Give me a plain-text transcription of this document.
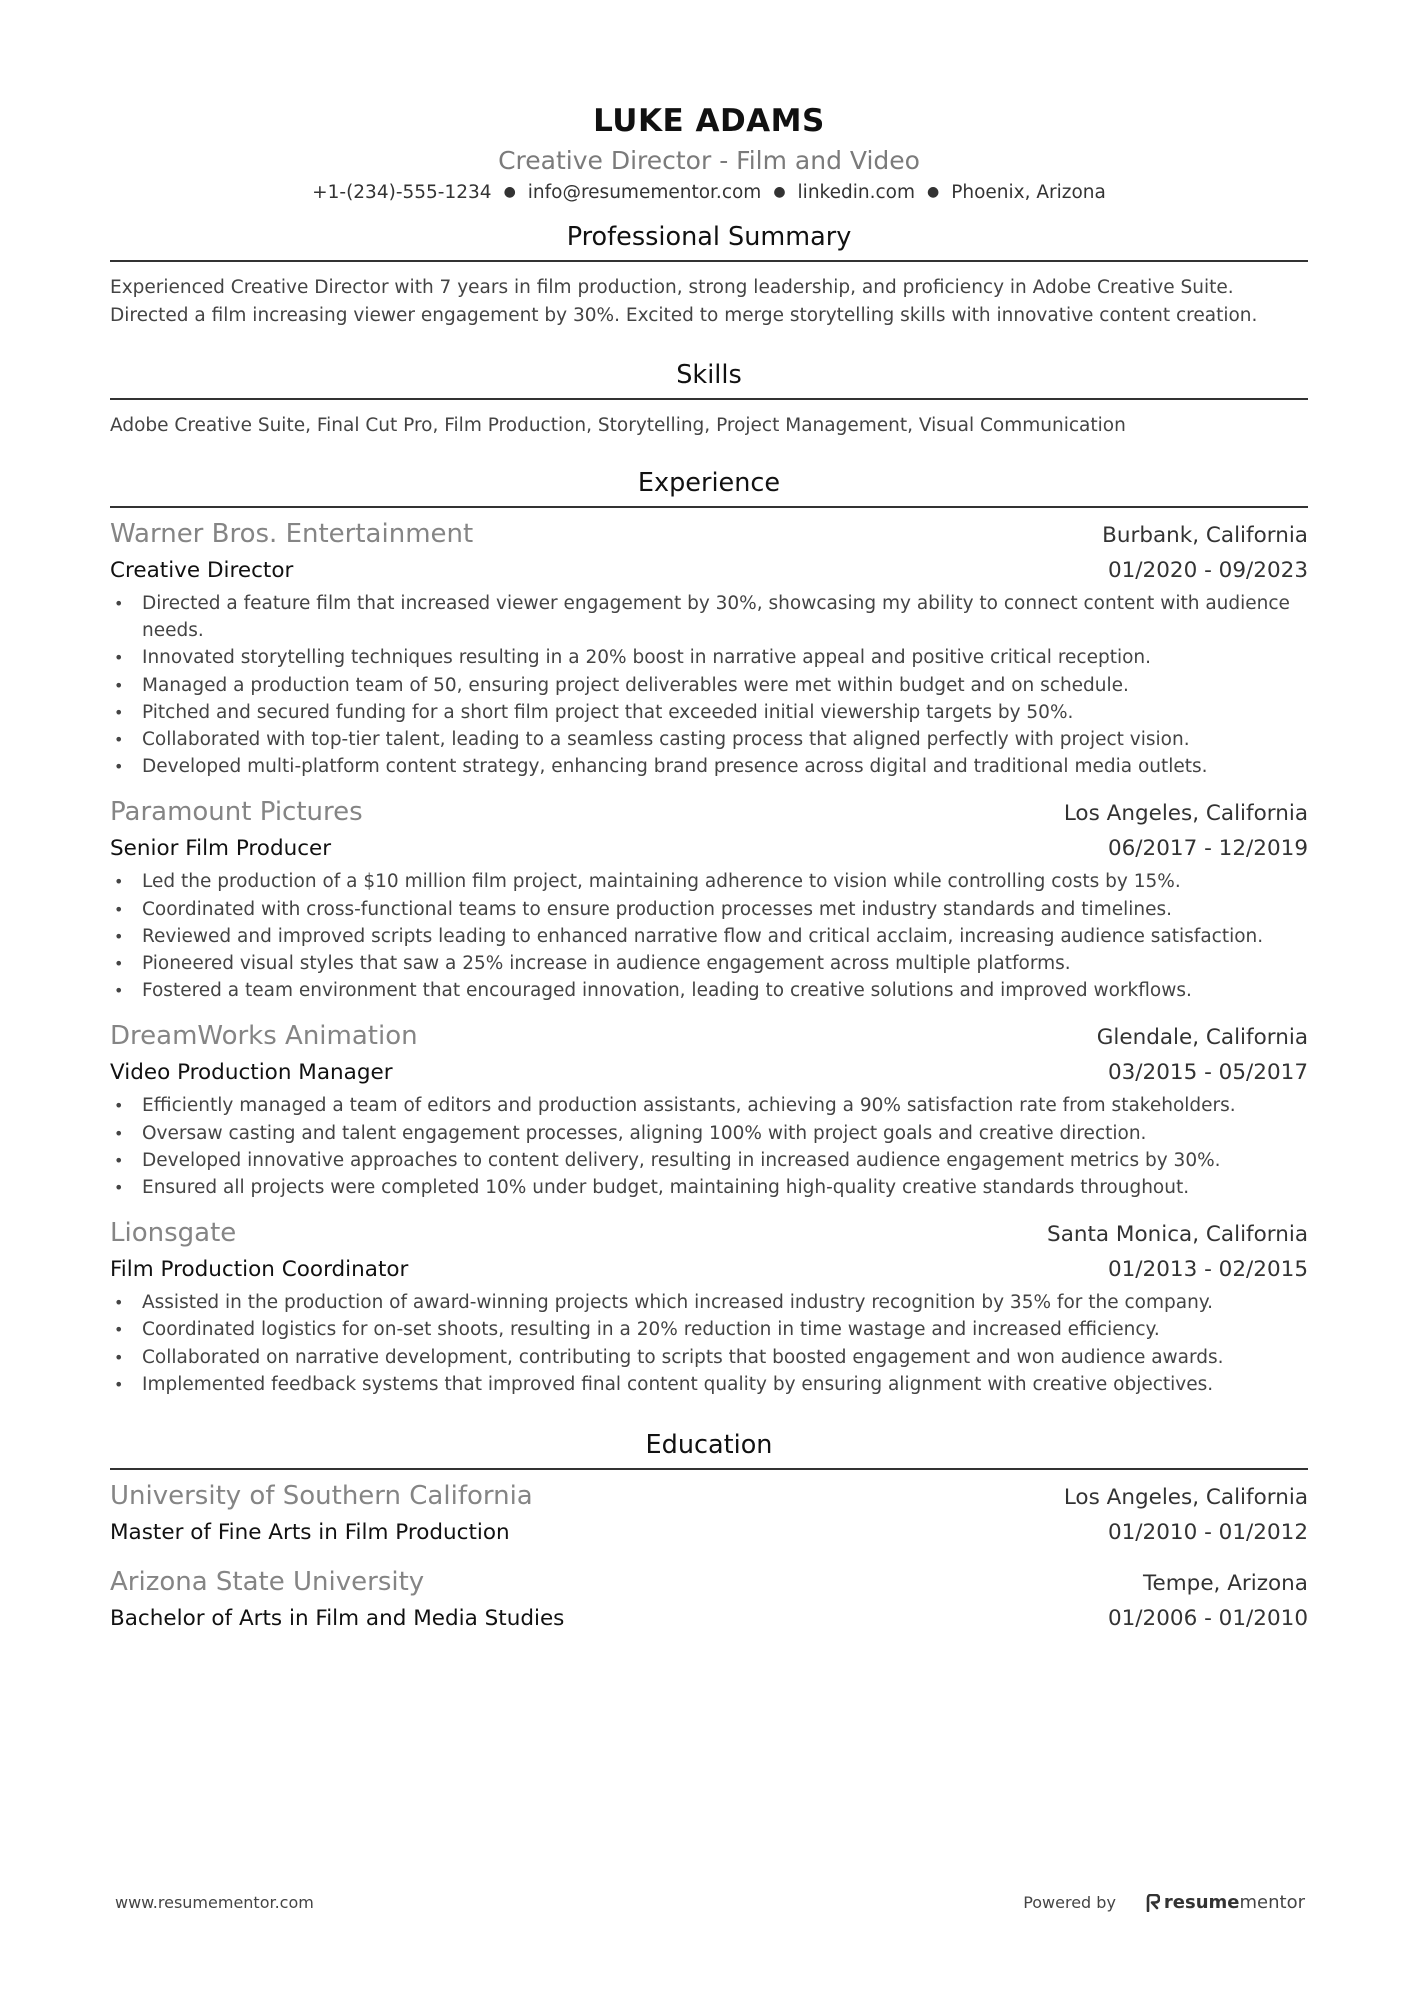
LUKE ADAMS
Creative Director - Film and Video
+1-(234)-555-1234 ● info@resumementor.com ● linkedin.com ● Phoenix, Arizona
Professional Summary
Experienced Creative Director with 7 years in film production, strong leadership, and proficiency in Adobe Creative Suite.
Directed a film increasing viewer engagement by 30%. Excited to merge storytelling skills with innovative content creation.
Skills
Adobe Creative Suite, Final Cut Pro, Film Production, Storytelling, Project Management, Visual Communication
Experience
Warner Bros. Entertainment	Burbank, California
Creative Director	01/2020 - 09/2023
• Directed a feature film that increased viewer engagement by 30%, showcasing my ability to connect content with audience needs.
• Innovated storytelling techniques resulting in a 20% boost in narrative appeal and positive critical reception.
• Managed a production team of 50, ensuring project deliverables were met within budget and on schedule.
• Pitched and secured funding for a short film project that exceeded initial viewership targets by 50%.
• Collaborated with top-tier talent, leading to a seamless casting process that aligned perfectly with project vision.
• Developed multi-platform content strategy, enhancing brand presence across digital and traditional media outlets.
Paramount Pictures	Los Angeles, California
Senior Film Producer	06/2017 - 12/2019
• Led the production of a $10 million film project, maintaining adherence to vision while controlling costs by 15%.
• Coordinated with cross-functional teams to ensure production processes met industry standards and timelines.
• Reviewed and improved scripts leading to enhanced narrative flow and critical acclaim, increasing audience satisfaction.
• Pioneered visual styles that saw a 25% increase in audience engagement across multiple platforms.
• Fostered a team environment that encouraged innovation, leading to creative solutions and improved workflows.
DreamWorks Animation	Glendale, California
Video Production Manager	03/2015 - 05/2017
• Efficiently managed a team of editors and production assistants, achieving a 90% satisfaction rate from stakeholders.
• Oversaw casting and talent engagement processes, aligning 100% with project goals and creative direction.
• Developed innovative approaches to content delivery, resulting in increased audience engagement metrics by 30%.
• Ensured all projects were completed 10% under budget, maintaining high-quality creative standards throughout.
Lionsgate	Santa Monica, California
Film Production Coordinator	01/2013 - 02/2015
• Assisted in the production of award-winning projects which increased industry recognition by 35% for the company.
• Coordinated logistics for on-set shoots, resulting in a 20% reduction in time wastage and increased efficiency.
• Collaborated on narrative development, contributing to scripts that boosted engagement and won audience awards.
• Implemented feedback systems that improved final content quality by ensuring alignment with creative objectives.
Education
University of Southern California	Los Angeles, California
Master of Fine Arts in Film Production	01/2010 - 01/2012
Arizona State University	Tempe, Arizona
Bachelor of Arts in Film and Media Studies	01/2006 - 01/2010
www.resumementor.com	Powered by	resume mentor
